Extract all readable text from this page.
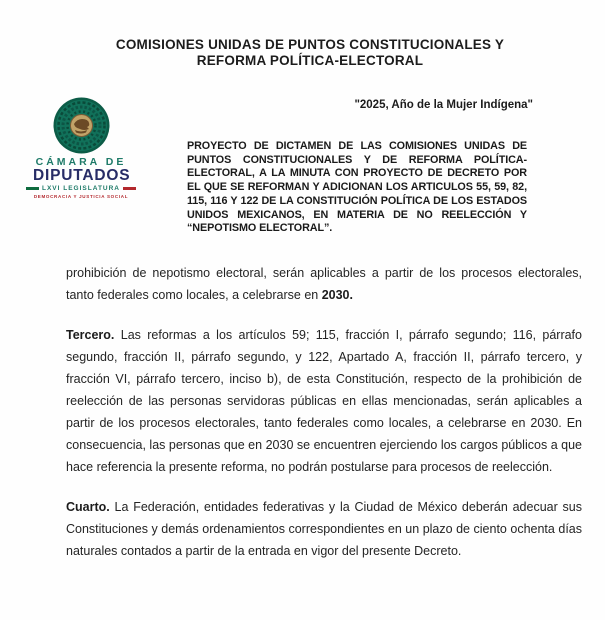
COMISIONES UNIDAS DE PUNTOS CONSTITUCIONALES Y REFORMA POLÍTICA-ELECTORAL
"2025, Año de la Mujer Indígena"
CÁMARA DE
DIPUTADOS
LXVI LEGISLATURA
DEMOCRACIA Y JUSTICIA SOCIAL

PROYECTO DE DICTAMEN DE LAS COMISIONES UNIDAS DE PUNTOS CONSTITUCIONALES Y DE REFORMA POLÍTICA-ELECTORAL, A LA MINUTA CON PROYECTO DE DECRETO POR EL QUE SE REFORMAN Y ADICIONAN LOS ARTICULOS 55, 59, 82, 115, 116 Y 122 DE LA CONSTITUCIÓN POLÍTICA DE LOS ESTADOS UNIDOS MEXICANOS, EN MATERIA DE NO REELECCIÓN Y “NEPOTISMO ELECTORAL”.

prohibición de nepotismo electoral, serán aplicables a partir de los procesos electorales, tanto federales como locales, a celebrarse en 2030.

Tercero. Las reformas a los artículos 59; 115, fracción I, párrafo segundo; 116, párrafo segundo, fracción II, párrafo segundo, y 122, Apartado A, fracción II, párrafo tercero, y fracción VI, párrafo tercero, inciso b), de esta Constitución, respecto de la prohibición de reelección de las personas servidoras públicas en ellas mencionadas, serán aplicables a partir de los procesos electorales, tanto federales como locales, a celebrarse en 2030. En consecuencia, las personas que en 2030 se encuentren ejerciendo los cargos públicos a que hace referencia la presente reforma, no podrán postularse para procesos de reelección.

Cuarto. La Federación, entidades federativas y la Ciudad de México deberán adecuar sus Constituciones y demás ordenamientos correspondientes en un plazo de ciento ochenta días naturales contados a partir de la entrada en vigor del presente Decreto.
